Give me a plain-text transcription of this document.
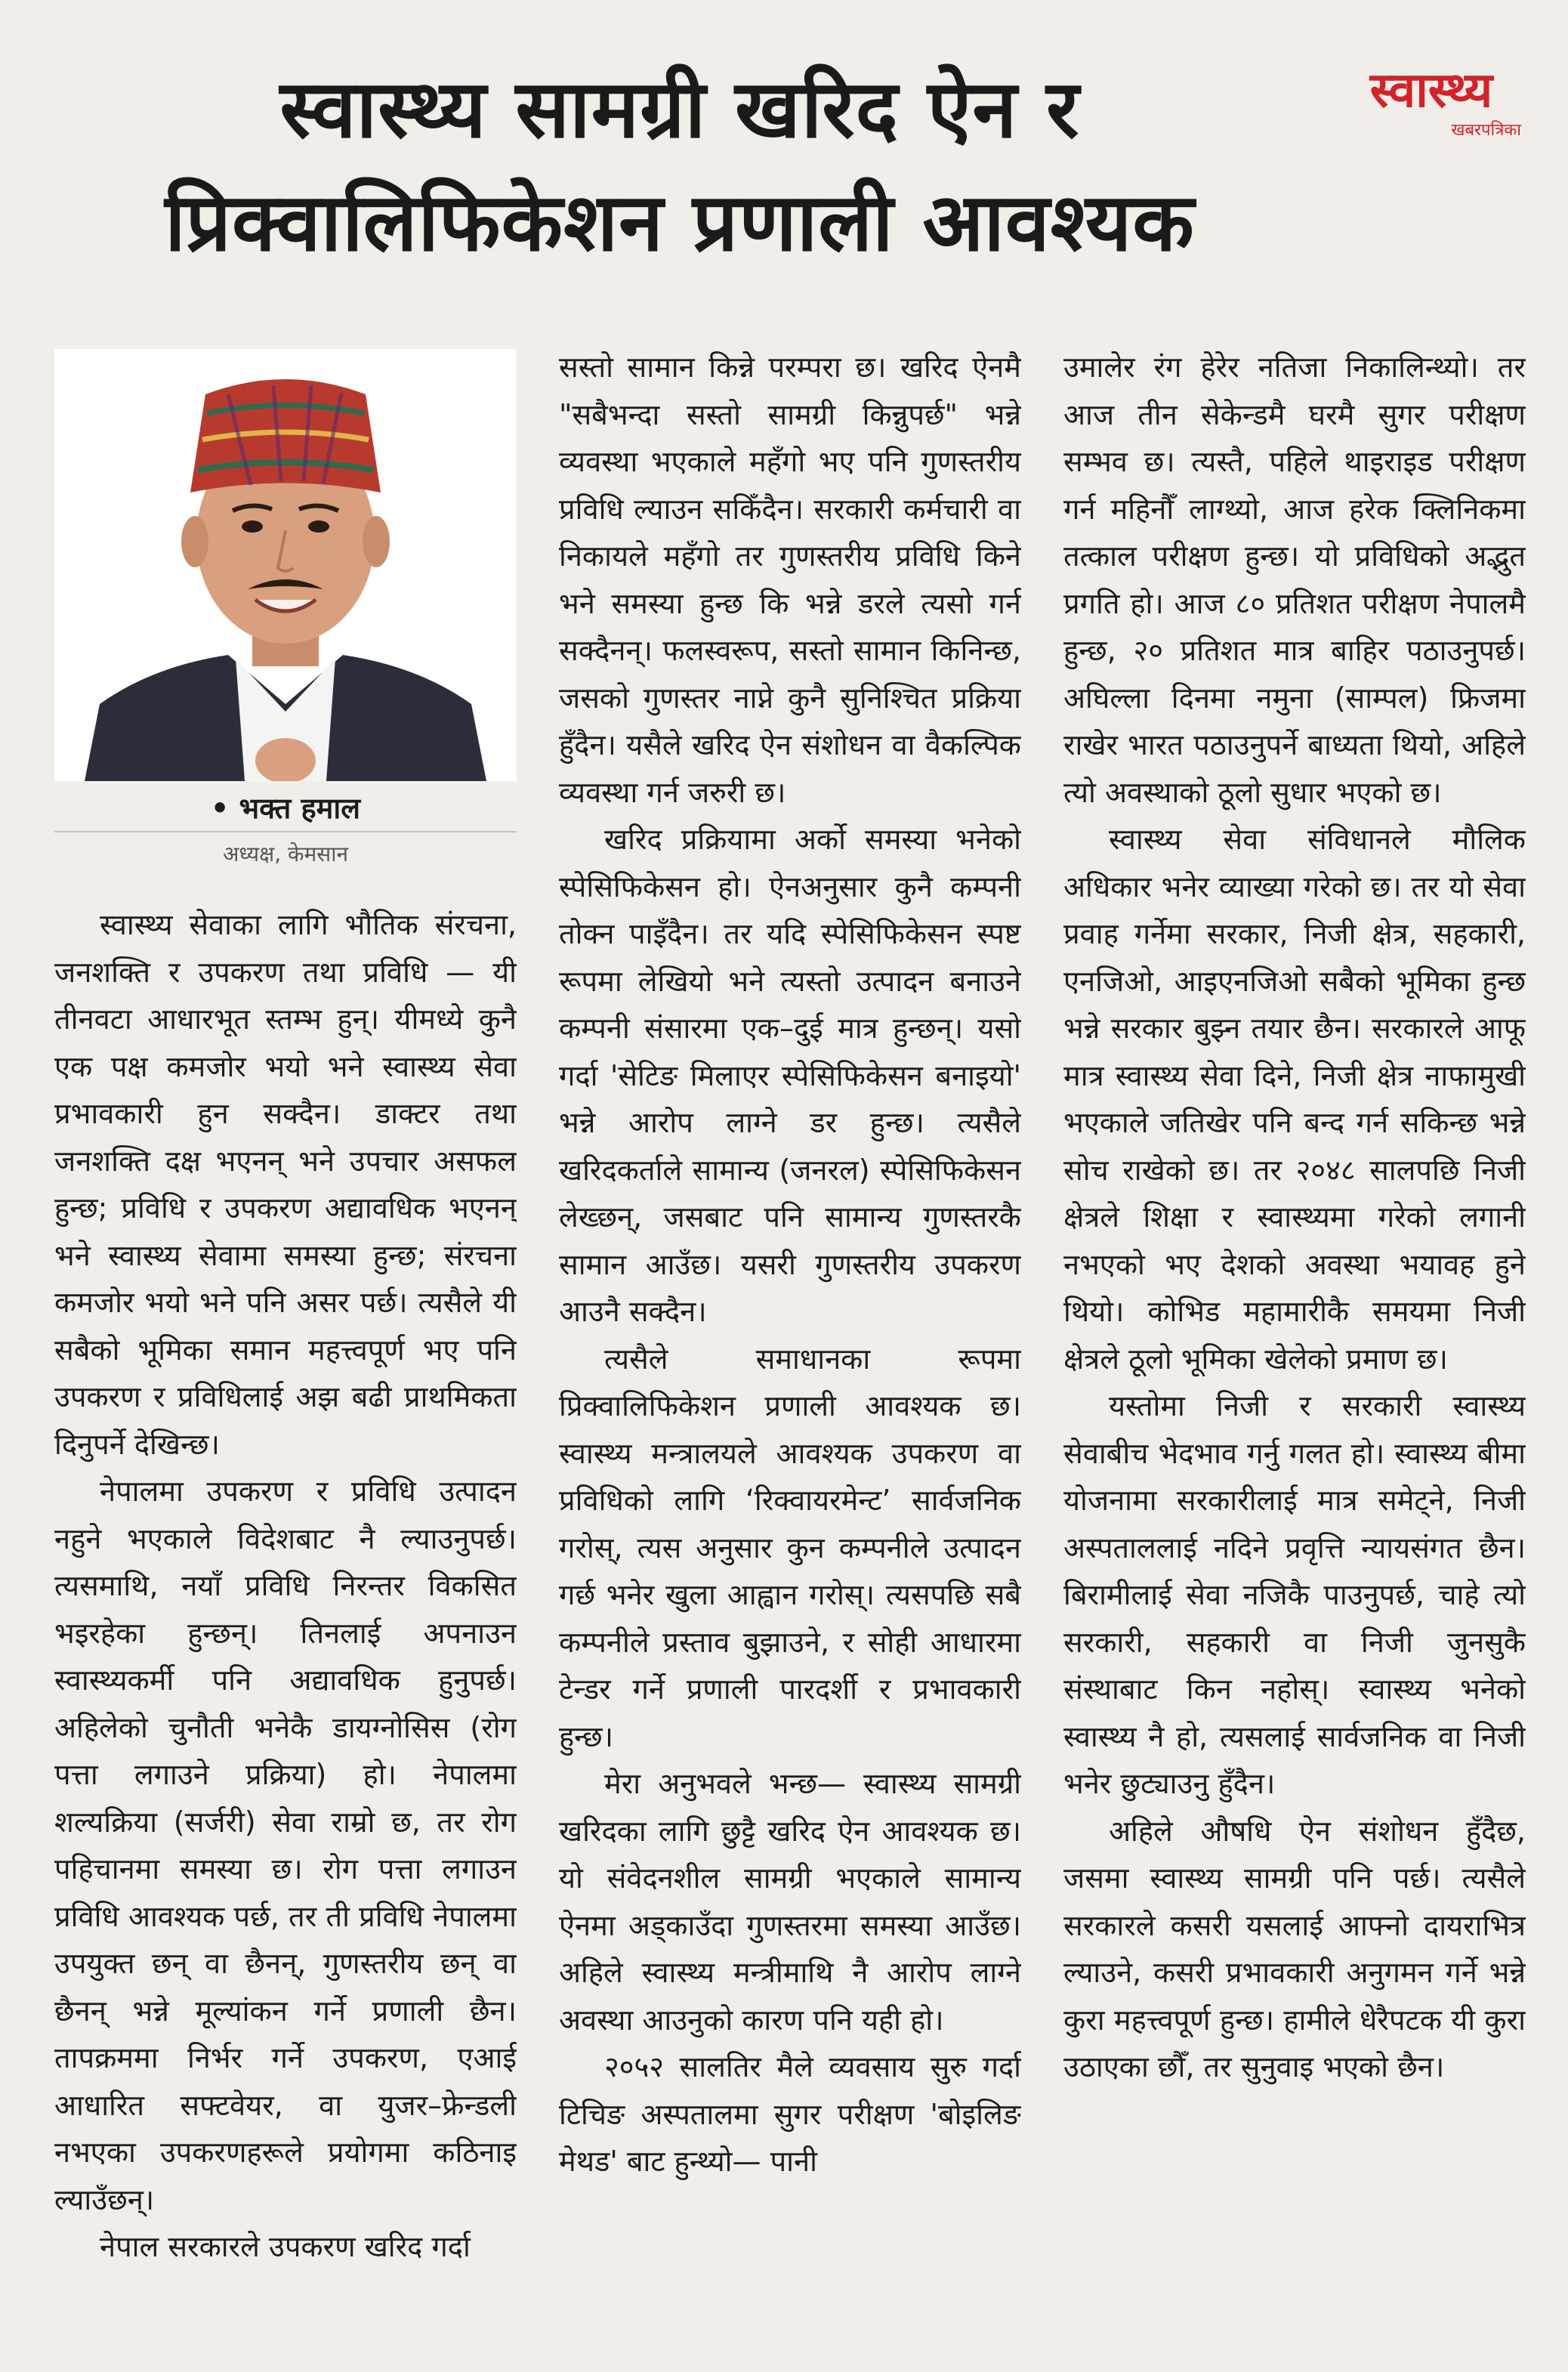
स्वास्थ्य सामग्री खरिद ऐन र
प्रिक्वालिफिकेशन प्रणाली आवश्यक
स्वास्थ्य
खबरपत्रिका
• भक्त हमाल
अध्यक्ष, केमसान

स्वास्थ्य सेवाका लागि भौतिक संरचना, जनशक्ति र उपकरण तथा प्रविधि — यी तीनवटा आधारभूत स्तम्भ हुन्। यीमध्ये कुनै एक पक्ष कमजोर भयो भने स्वास्थ्य सेवा प्रभावकारी हुन सक्दैन। डाक्टर तथा जनशक्ति दक्ष भएनन् भने उपचार असफल हुन्छ; प्रविधि र उपकरण अद्यावधिक भएनन् भने स्वास्थ्य सेवामा समस्या हुन्छ; संरचना कमजोर भयो भने पनि असर पर्छ। त्यसैले यी सबैको भूमिका समान महत्त्वपूर्ण भए पनि उपकरण र प्रविधिलाई अझ बढी प्राथमिकता दिनुपर्ने देखिन्छ।

नेपालमा उपकरण र प्रविधि उत्पादन नहुने भएकाले विदेशबाट नै ल्याउनुपर्छ। त्यसमाथि, नयाँ प्रविधि निरन्तर विकसित भइरहेका हुन्छन्। तिनलाई अपनाउन स्वास्थ्यकर्मी पनि अद्यावधिक हुनुपर्छ। अहिलेको चुनौती भनेकै डायग्नोसिस (रोग पत्ता लगाउने प्रक्रिया) हो। नेपालमा शल्यक्रिया (सर्जरी) सेवा राम्रो छ, तर रोग पहिचानमा समस्या छ। रोग पत्ता लगाउन प्रविधि आवश्यक पर्छ, तर ती प्रविधि नेपालमा उपयुक्त छन् वा छैनन्, गुणस्तरीय छन् वा छैनन् भन्ने मूल्यांकन गर्ने प्रणाली छैन। तापक्रममा निर्भर गर्ने उपकरण, एआई आधारित सफ्टवेयर, वा युजर–फ्रेन्डली नभएका उपकरणहरूले प्रयोगमा कठिनाइ ल्याउँछन्।

नेपाल सरकारले उपकरण खरिद गर्दा

सस्तो सामान किन्ने परम्परा छ। खरिद ऐनमै "सबैभन्दा सस्तो सामग्री किन्नुपर्छ" भन्ने व्यवस्था भएकाले महँगो भए पनि गुणस्तरीय प्रविधि ल्याउन सकिँदैन। सरकारी कर्मचारी वा निकायले महँगो तर गुणस्तरीय प्रविधि किने भने समस्या हुन्छ कि भन्ने डरले त्यसो गर्न सक्दैनन्। फलस्वरूप, सस्तो सामान किनिन्छ, जसको गुणस्तर नाप्ने कुनै सुनिश्चित प्रक्रिया हुँदैन। यसैले खरिद ऐन संशोधन वा वैकल्पिक व्यवस्था गर्न जरुरी छ।

खरिद प्रक्रियामा अर्को समस्या भनेको स्पेसिफिकेसन हो। ऐनअनुसार कुनै कम्पनी तोक्न पाइँदैन। तर यदि स्पेसिफिकेसन स्पष्ट रूपमा लेखियो भने त्यस्तो उत्पादन बनाउने कम्पनी संसारमा एक–दुई मात्र हुन्छन्। यसो गर्दा 'सेटिङ मिलाएर स्पेसिफिकेसन बनाइयो' भन्ने आरोप लाग्ने डर हुन्छ। त्यसैले खरिदकर्ताले सामान्य (जनरल) स्पेसिफिकेसन लेख्छन्, जसबाट पनि सामान्य गुणस्तरकै सामान आउँछ। यसरी गुणस्तरीय उपकरण आउनै सक्दैन।

त्यसैले समाधानका रूपमा प्रिक्वालिफिकेशन प्रणाली आवश्यक छ। स्वास्थ्य मन्त्रालयले आवश्यक उपकरण वा प्रविधिको लागि ‘रिक्वायरमेन्ट’ सार्वजनिक गरोस्, त्यस अनुसार कुन कम्पनीले उत्पादन गर्छ भनेर खुला आह्वान गरोस्। त्यसपछि सबै कम्पनीले प्रस्ताव बुझाउने, र सोही आधारमा टेन्डर गर्ने प्रणाली पारदर्शी र प्रभावकारी हुन्छ।

मेरा अनुभवले भन्छ— स्वास्थ्य सामग्री खरिदका लागि छुट्टै खरिद ऐन आवश्यक छ। यो संवेदनशील सामग्री भएकाले सामान्य ऐनमा अड्काउँदा गुणस्तरमा समस्या आउँछ। अहिले स्वास्थ्य मन्त्रीमाथि नै आरोप लाग्ने अवस्था आउनुको कारण पनि यही हो।

२०५२ सालतिर मैले व्यवसाय सुरु गर्दा टिचिङ अस्पतालमा सुगर परीक्षण 'बोइलिङ मेथड' बाट हुन्थ्यो— पानी

उमालेर रंग हेरेर नतिजा निकालिन्थ्यो। तर आज तीन सेकेन्डमै घरमै सुगर परीक्षण सम्भव छ। त्यस्तै, पहिले थाइराइड परीक्षण गर्न महिनौँ लाग्थ्यो, आज हरेक क्लिनिकमा तत्काल परीक्षण हुन्छ। यो प्रविधिको अद्भुत प्रगति हो। आज ८० प्रतिशत परीक्षण नेपालमै हुन्छ, २० प्रतिशत मात्र बाहिर पठाउनुपर्छ। अघिल्ला दिनमा नमुना (साम्पल) फ्रिजमा राखेर भारत पठाउनुपर्ने बाध्यता थियो, अहिले त्यो अवस्थाको ठूलो सुधार भएको छ।

स्वास्थ्य सेवा संविधानले मौलिक अधिकार भनेर व्याख्या गरेको छ। तर यो सेवा प्रवाह गर्नेमा सरकार, निजी क्षेत्र, सहकारी, एनजिओ, आइएनजिओ सबैको भूमिका हुन्छ भन्ने सरकार बुझ्न तयार छैन। सरकारले आफू मात्र स्वास्थ्य सेवा दिने, निजी क्षेत्र नाफामुखी भएकाले जतिखेर पनि बन्द गर्न सकिन्छ भन्ने सोच राखेको छ। तर २०४८ सालपछि निजी क्षेत्रले शिक्षा र स्वास्थ्यमा गरेको लगानी नभएको भए देशको अवस्था भयावह हुने थियो। कोभिड महामारीकै समयमा निजी क्षेत्रले ठूलो भूमिका खेलेको प्रमाण छ।

यस्तोमा निजी र सरकारी स्वास्थ्य सेवाबीच भेदभाव गर्नु गलत हो। स्वास्थ्य बीमा योजनामा सरकारीलाई मात्र समेट्ने, निजी अस्पताललाई नदिने प्रवृत्ति न्यायसंगत छैन। बिरामीलाई सेवा नजिकै पाउनुपर्छ, चाहे त्यो सरकारी, सहकारी वा निजी जुनसुकै संस्थाबाट किन नहोस्। स्वास्थ्य भनेको स्वास्थ्य नै हो, त्यसलाई सार्वजनिक वा निजी भनेर छुट्याउनु हुँदैन।

अहिले औषधि ऐन संशोधन हुँदैछ, जसमा स्वास्थ्य सामग्री पनि पर्छ। त्यसैले सरकारले कसरी यसलाई आफ्नो दायराभित्र ल्याउने, कसरी प्रभावकारी अनुगमन गर्ने भन्ने कुरा महत्त्वपूर्ण हुन्छ। हामीले धेरैपटक यी कुरा उठाएका छौँ, तर सुनुवाइ भएको छैन।
